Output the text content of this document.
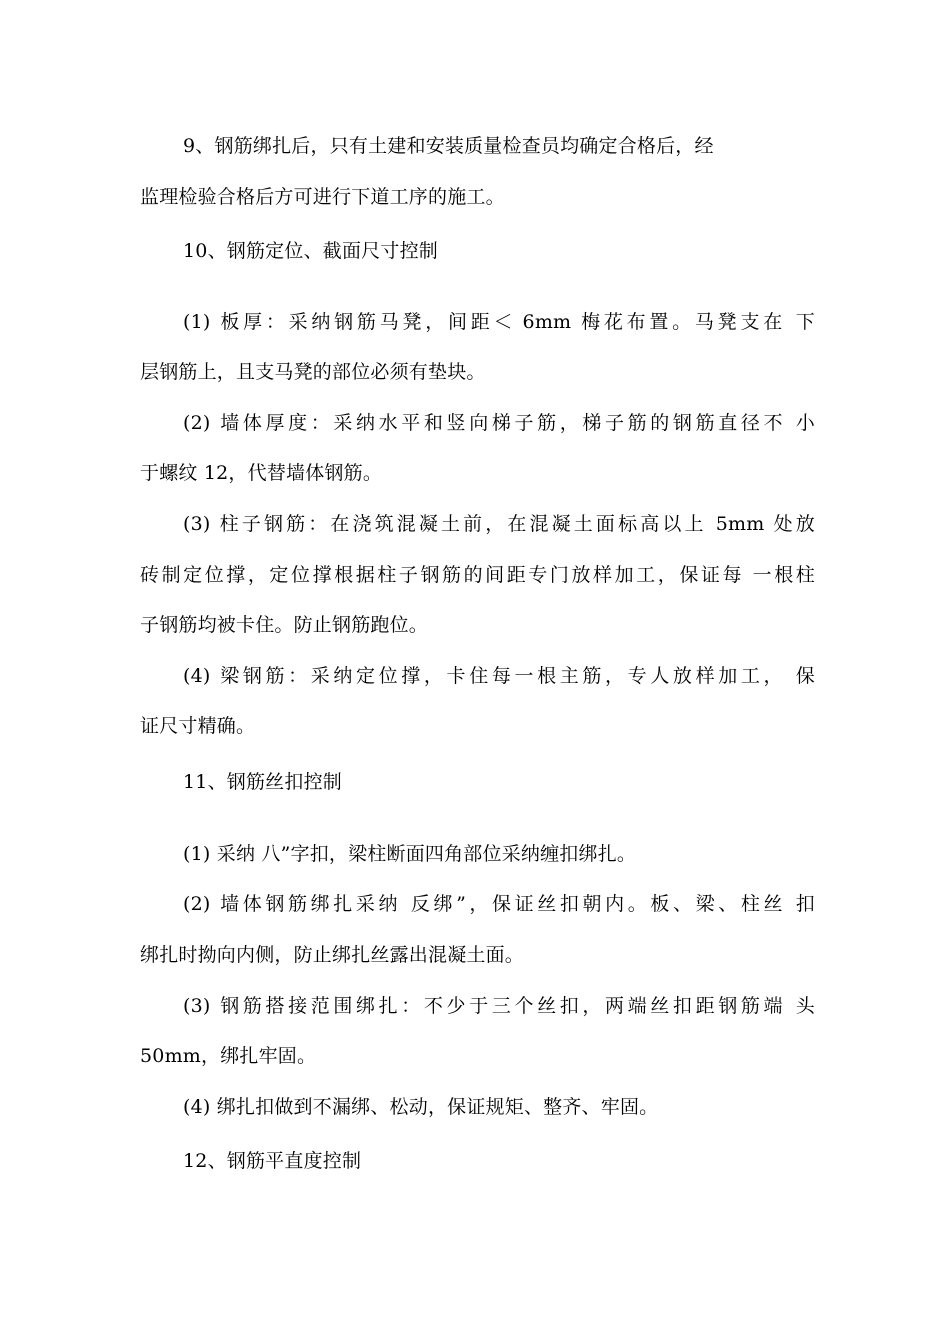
9、钢筋绑扎后，只有土建和安装质量检查员均确定合格后，经
监理检验合格后方可进行下道工序的施工。
10、钢筋定位、截面尺寸控制
(1) 板厚：采纳钢筋马凳，间距＜ 6mm 梅花布置。马凳支在 下
层钢筋上，且支马凳的部位必须有垫块。
(2) 墙体厚度：采纳水平和竖向梯子筋，梯子筋的钢筋直径不 小
于螺纹 12，代替墙体钢筋。
(3) 柱子钢筋：在浇筑混凝土前，在混凝土面标高以上 5mm 处放
砖制定位撑，定位撑根据柱子钢筋的间距专门放样加工，保证每 一根柱
子钢筋均被卡住。防止钢筋跑位。
(4) 梁钢筋：采纳定位撑，卡住每一根主筋，专人放样加工， 保
证尺寸精确。
11、钢筋丝扣控制
(1) 采纳 八”字扣，梁柱断面四角部位采纳缠扣绑扎。
(2) 墙体钢筋绑扎采纳 反绑”，保证丝扣朝内。板、梁、柱丝 扣
绑扎时拗向内侧，防止绑扎丝露出混凝土面。
(3) 钢筋搭接范围绑扎：不少于三个丝扣，两端丝扣距钢筋端 头
50mm，绑扎牢固。
(4) 绑扎扣做到不漏绑、松动，保证规矩、整齐、牢固。
12、钢筋平直度控制
